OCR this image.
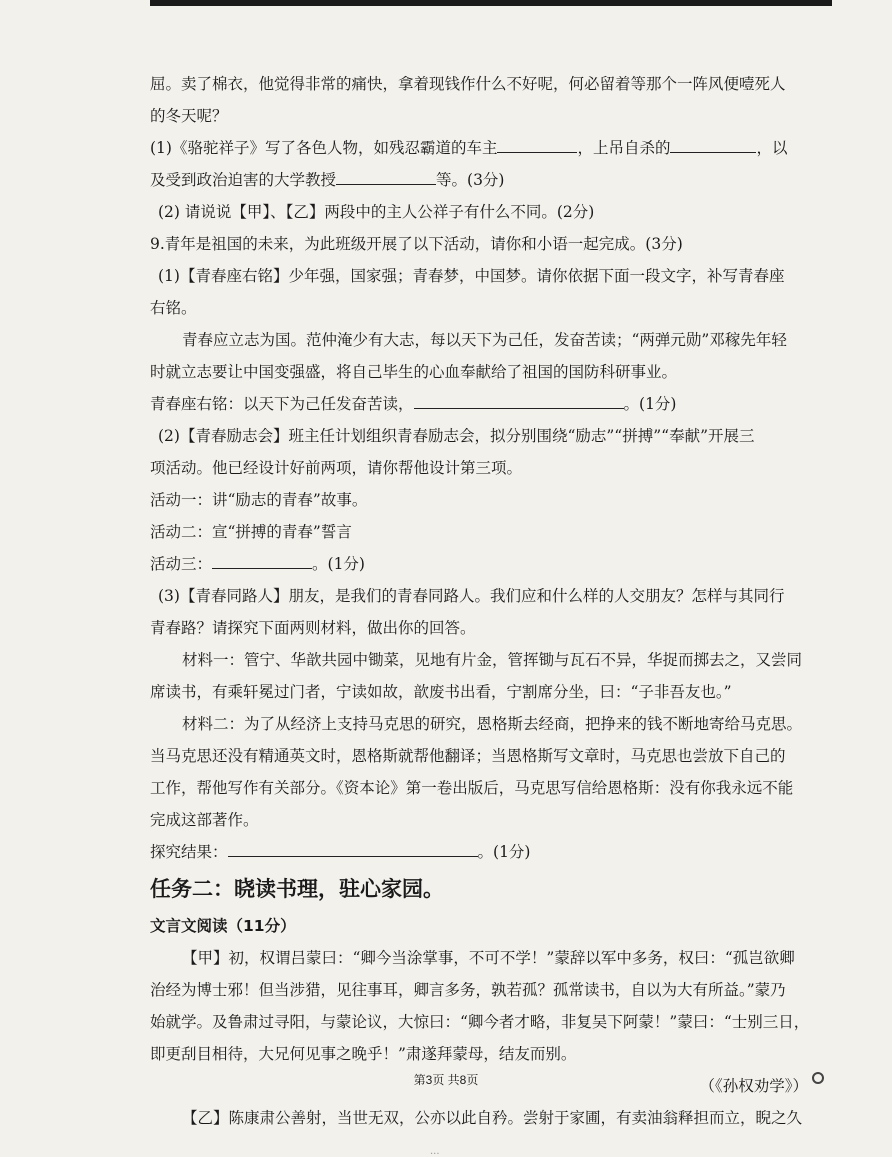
屈。卖了棉衣，他觉得非常的痛快，拿着现钱作什么不好呢，何必留着等那个一阵风便噎死人
的冬天呢？
(1)《骆驼祥子》写了各色人物，如残忍霸道的车主	，上吊自杀的	，以
及受到政治迫害的大学教授	等。(3分)
(2) 请说说【甲】、【乙】两段中的主人公祥子有什么不同。(2分)
9.青年是祖国的未来，为此班级开展了以下活动，请你和小语一起完成。(3分)
(1)【青春座右铭】少年强，国家强；青春梦，中国梦。请你依据下面一段文字，补写青春座
右铭。
青春应立志为国。范仲淹少有大志，每以天下为己任，发奋苦读；“两弹元勋”邓稼先年轻
时就立志要让中国变强盛，将自己毕生的心血奉献给了祖国的国防科研事业。
青春座右铭：以天下为己任发奋苦读，	。(1分)
(2)【青春励志会】班主任计划组织青春励志会，拟分别围绕“励志”“拼搏”“奉献”开展三
项活动。他已经设计好前两项，请你帮他设计第三项。
活动一：讲“励志的青春”故事。
活动二：宣“拼搏的青春”誓言
活动三：	。(1分)
(3)【青春同路人】朋友，是我们的青春同路人。我们应和什么样的人交朋友？怎样与其同行
青春路？请探究下面两则材料，做出你的回答。
材料一：管宁、华歆共园中锄菜，见地有片金，管挥锄与瓦石不异，华捉而掷去之，又尝同
席读书，有乘轩冕过门者，宁读如故，歆废书出看，宁割席分坐，曰：“子非吾友也。”
材料二：为了从经济上支持马克思的研究，恩格斯去经商，把挣来的钱不断地寄给马克思。
当马克思还没有精通英文时，恩格斯就帮他翻译；当恩格斯写文章时，马克思也尝放下自己的
工作，帮他写作有关部分。《资本论》第一卷出版后，马克思写信给恩格斯：没有你我永远不能
完成这部著作。
探究结果：	。(1分)
任务二：晓读书理，驻心家园。
文言文阅读（11分）
【甲】初，权谓吕蒙曰：“卿今当涂掌事，不可不学！”蒙辞以军中多务，权曰：“孤岂欲卿
治经为博士邪！但当涉猎，见往事耳，卿言多务，孰若孤？孤常读书，自以为大有所益。”蒙乃
始就学。及鲁肃过寻阳，与蒙论议，大惊曰：“卿今者才略，非复吴下阿蒙！”蒙曰：“士别三日，
即更刮目相待，大兄何见事之晚乎！”肃遂拜蒙母，结友而别。
（《孙权劝学》）
【乙】陈康肃公善射，当世无双，公亦以此自矜。尝射于家圃，有卖油翁释担而立，睨之久
第3页 共8页
...
